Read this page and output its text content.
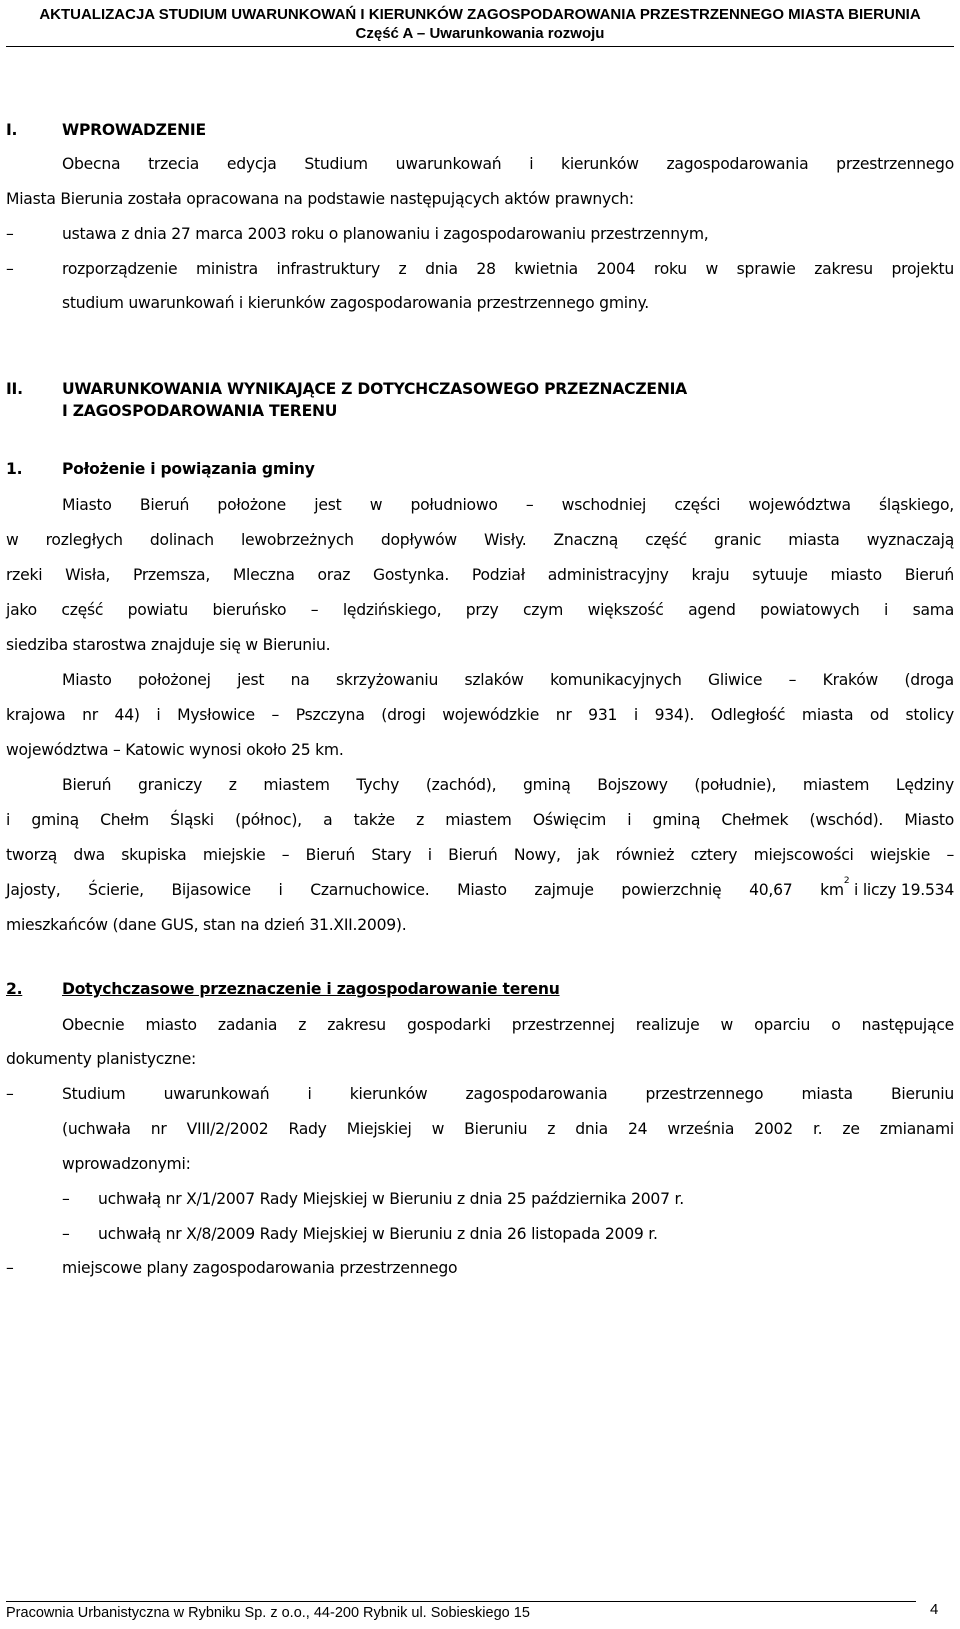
AKTUALIZACJA STUDIUM UWARUNKOWAŃ I KIERUNKÓW ZAGOSPODAROWANIA PRZESTRZENNEGO MIASTA BIERUNIA
Część A – Uwarunkowania rozwoju
I.	WPROWADZENIE
Obecna trzecia edycja Studium uwarunkowań i kierunków zagospodarowania przestrzennego
Miasta Bierunia została opracowana na podstawie następujących aktów prawnych:
–	ustawa z dnia 27 marca 2003 roku o planowaniu i zagospodarowaniu przestrzennym,
–	rozporządzenie ministra infrastruktury z dnia 28 kwietnia 2004 roku w sprawie zakresu projektu
studium uwarunkowań i kierunków zagospodarowania przestrzennego gminy.
II.	UWARUNKOWANIA WYNIKAJĄCE Z DOTYCHCZASOWEGO PRZEZNACZENIA
I ZAGOSPODAROWANIA TERENU
1.	Położenie i powiązania gminy
Miasto Bieruń położone jest w południowo – wschodniej części województwa śląskiego,
w rozległych dolinach lewobrzeżnych dopływów Wisły. Znaczną część granic miasta wyznaczają
rzeki Wisła, Przemsza, Mleczna oraz Gostynka. Podział administracyjny kraju sytuuje miasto Bieruń
jako część powiatu bieruńsko – lędzińskiego, przy czym większość agend powiatowych i sama
siedziba starostwa znajduje się w Bieruniu.
Miasto położonej jest na skrzyżowaniu szlaków komunikacyjnych Gliwice – Kraków (droga
krajowa nr 44) i Mysłowice – Pszczyna (drogi wojewódzkie nr 931 i 934). Odległość miasta od stolicy
województwa – Katowic wynosi około 25 km.
Bieruń graniczy z miastem Tychy (zachód), gminą Bojszowy (południe), miastem Lędziny
i gminą Chełm Śląski (północ), a także z miastem Oświęcim i gminą Chełmek (wschód). Miasto
tworzą dwa skupiska miejskie – Bieruń Stary i Bieruń Nowy, jak również cztery miejscowości wiejskie –
Jajosty, Ścierie, Bijasowice i Czarnuchowice. Miasto zajmuje powierzchnię 40,67 km 2 i liczy 19.534
mieszkańców (dane GUS, stan na dzień 31.XII.2009).
2.	Dotychczasowe przeznaczenie i zagospodarowanie terenu
Obecnie miasto zadania z zakresu gospodarki przestrzennej realizuje w oparciu o następujące
dokumenty planistyczne:
–	Studium uwarunkowań i kierunków zagospodarowania przestrzennego miasta Bieruniu
(uchwała nr VIII/2/2002 Rady Miejskiej w Bieruniu z dnia 24 września 2002 r. ze zmianami
wprowadzonymi:
– uchwałą nr X/1/2007 Rady Miejskiej w Bieruniu z dnia 25 października 2007 r.
– uchwałą nr X/8/2009 Rady Miejskiej w Bieruniu z dnia 26 listopada 2009 r.
–	miejscowe plany zagospodarowania przestrzennego
Pracownia Urbanistyczna w Rybniku Sp. z o.o., 44-200 Rybnik ul. Sobieskiego 15	4
